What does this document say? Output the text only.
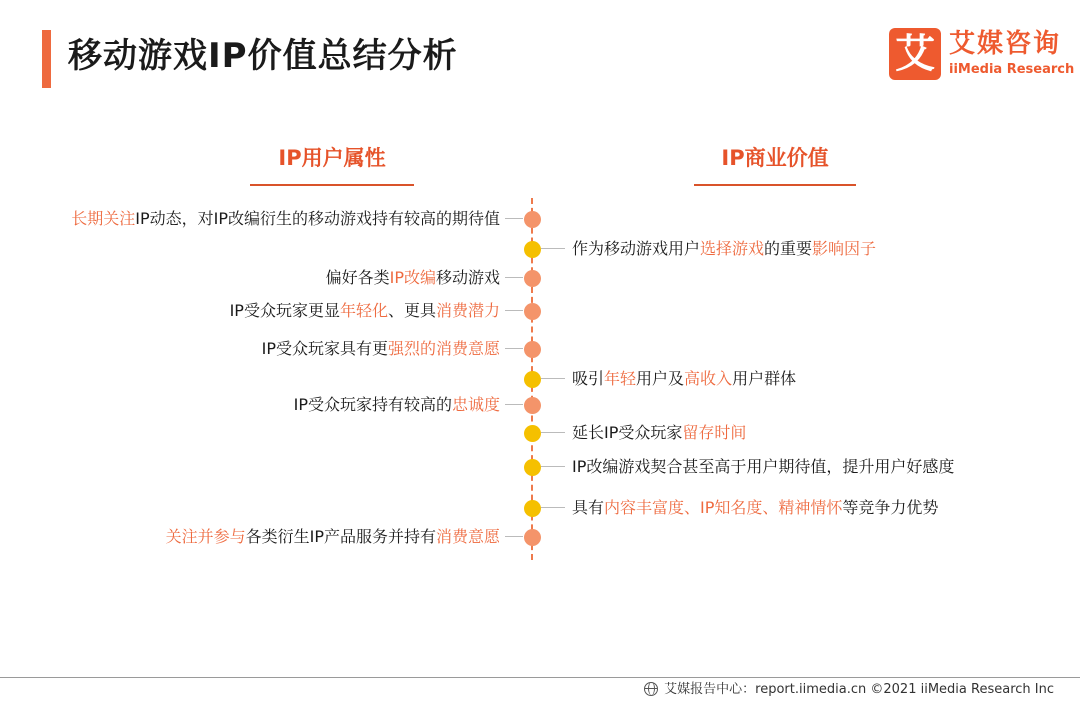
移动游戏IP价值总结分析	艾 艾媒咨询
iiMedia Research
IP用户属性	IP商业价值
长期关注IP动态，对IP改编衍生的移动游戏持有较高的期待值
作为移动游戏用户选择游戏的重要影响因子
偏好各类IP改编移动游戏
IP受众玩家更显年轻化、更具消费潜力
IP受众玩家具有更强烈的消费意愿
吸引年轻用户及高收入用户群体
IP受众玩家持有较高的忠诚度
延长IP受众玩家留存时间
IP改编游戏契合甚至高于用户期待值，提升用户好感度
具有内容丰富度、IP知名度、精神情怀等竞争力优势
关注并参与各类衍生IP产品服务并持有消费意愿
艾媒报告中心：report.iimedia.cn ©2021 iiMedia Research Inc
